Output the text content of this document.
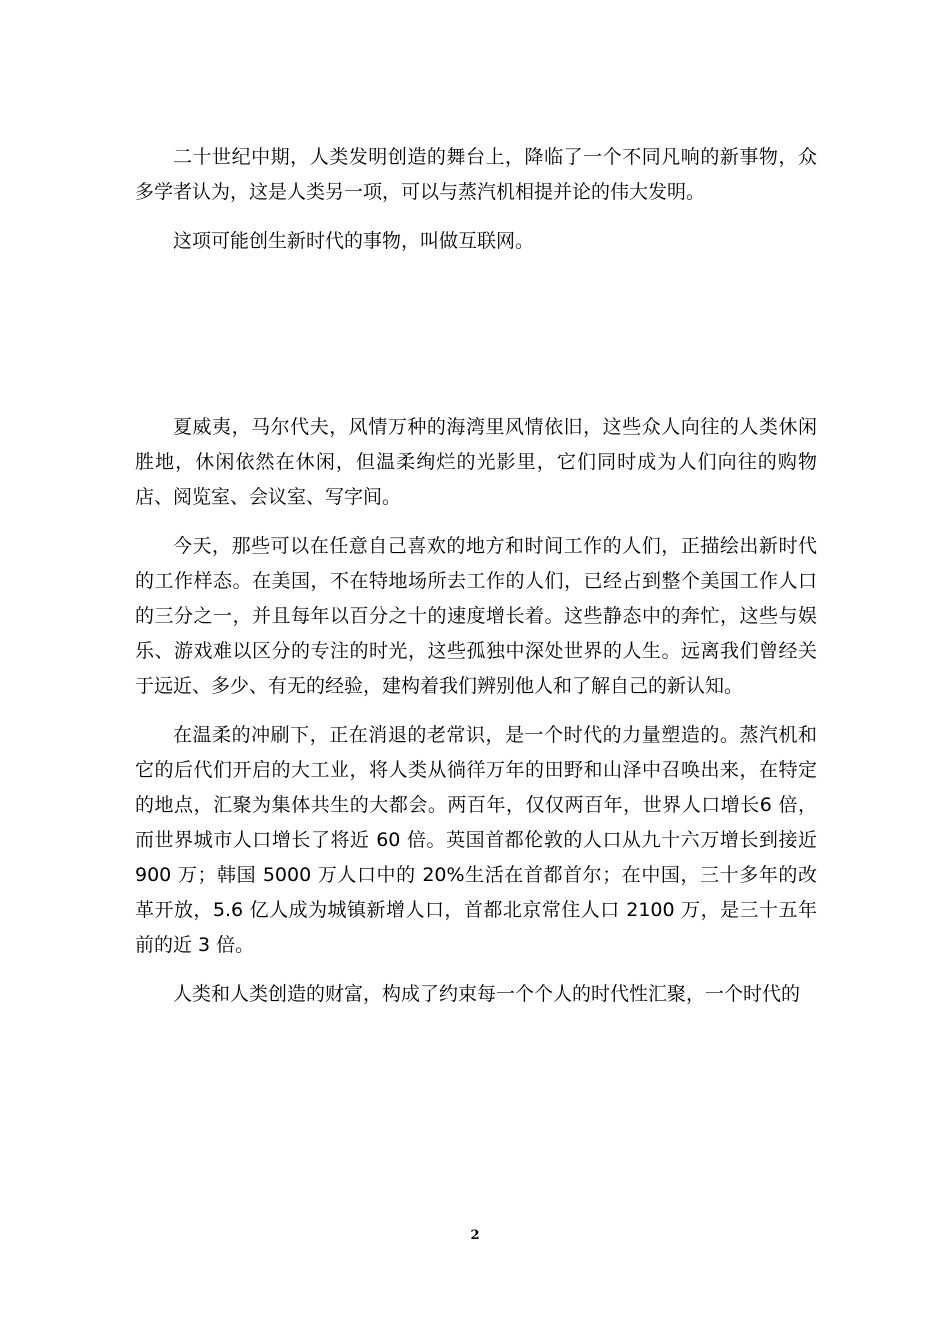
二十世纪中期，人类发明创造的舞台上，降临了一个不同凡响的新事物，众多学者认为，这是人类另一项，可以与蒸汽机相提并论的伟大发明。

这项可能创生新时代的事物，叫做互联网。

夏威夷，马尔代夫，风情万种的海湾里风情依旧，这些众人向往的人类休闲胜地，休闲依然在休闲，但温柔绚烂的光影里，它们同时成为人们向往的购物店、阅览室、会议室、写字间。

今天，那些可以在任意自己喜欢的地方和时间工作的人们，正描绘出新时代的工作样态。在美国，不在特地场所去工作的人们，已经占到整个美国工作人口的三分之一，并且每年以百分之十的速度增长着。这些静态中的奔忙，这些与娱乐、游戏难以区分的专注的时光，这些孤独中深处世界的人生。远离我们曾经关于远近、多少、有无的经验，建构着我们辨别他人和了解自己的新认知。

在温柔的冲刷下，正在消退的老常识，是一个时代的力量塑造的。蒸汽机和它的后代们开启的大工业，将人类从徜徉万年的田野和山泽中召唤出来，在特定的地点，汇聚为集体共生的大都会。两百年，仅仅两百年，世界人口增长6 倍，而世界城市人口增长了将近 60 倍。英国首都伦敦的人口从九十六万增长到接近 900 万；韩国 5000 万人口中的 20%生活在首都首尔；在中国，三十多年的改革开放，5.6 亿人成为城镇新增人口，首都北京常住人口 2100 万，是三十五年前的近 3 倍。

人类和人类创造的财富，构成了约束每一个个人的时代性汇聚，一个时代的

2
